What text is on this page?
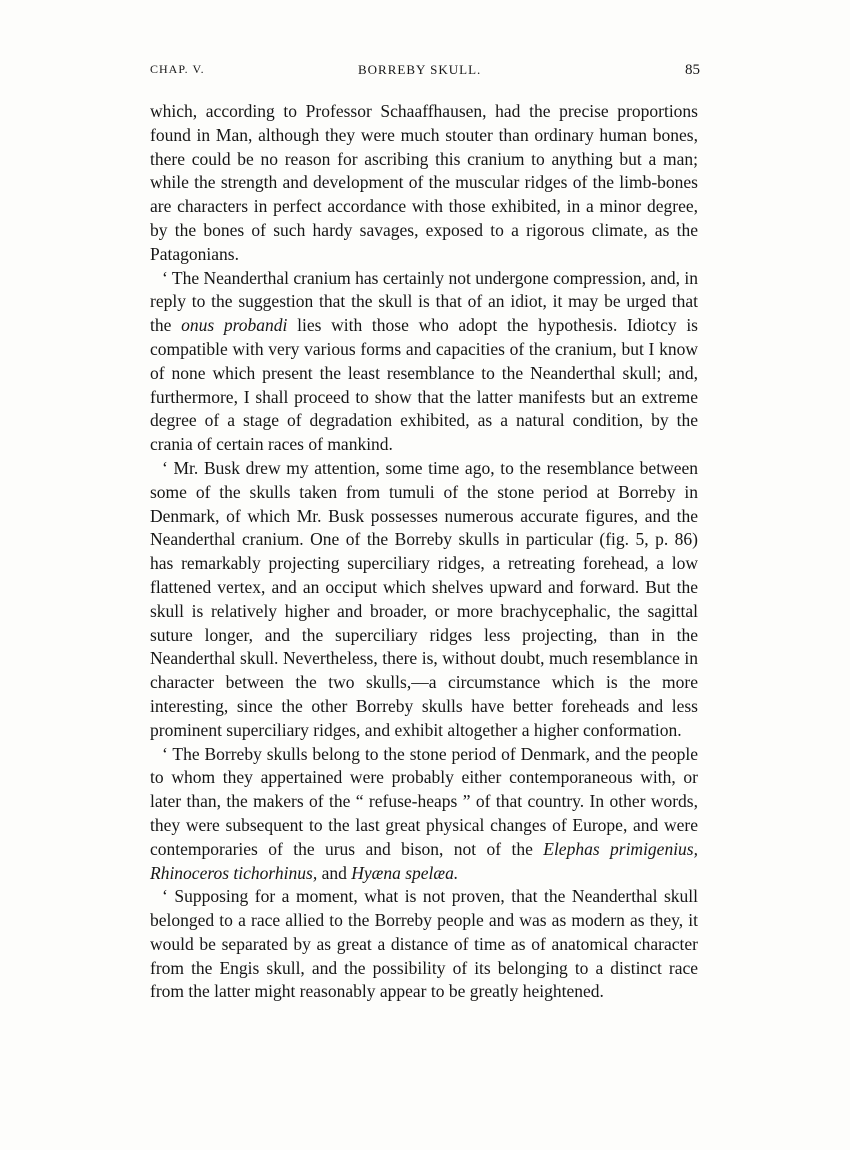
CHAP. V.	BORREBY SKULL.	85

which, according to Professor Schaaffhausen, had the precise proportions found in Man, although they were much stouter than ordinary human bones, there could be no reason for ascribing this cranium to anything but a man; while the strength and development of the muscular ridges of the limb-bones are characters in perfect accordance with those exhibited, in a minor degree, by the bones of such hardy savages, exposed to a rigorous climate, as the Patagonians.

‘ The Neanderthal cranium has certainly not undergone compression, and, in reply to the suggestion that the skull is that of an idiot, it may be urged that the onus probandi lies with those who adopt the hypothesis. Idiotcy is compatible with very various forms and capacities of the cranium, but I know of none which present the least resemblance to the Neanderthal skull; and, furthermore, I shall proceed to show that the latter manifests but an extreme degree of a stage of degradation exhibited, as a natural condition, by the crania of certain races of mankind.

‘ Mr. Busk drew my attention, some time ago, to the resemblance between some of the skulls taken from tumuli of the stone period at Borreby in Denmark, of which Mr. Busk possesses numerous accurate figures, and the Neanderthal cranium. One of the Borreby skulls in particular (fig. 5, p. 86) has remarkably projecting superciliary ridges, a retreating forehead, a low flattened vertex, and an occiput which shelves upward and forward. But the skull is relatively higher and broader, or more brachycephalic, the sagittal suture longer, and the superciliary ridges less projecting, than in the Neanderthal skull. Nevertheless, there is, without doubt, much resemblance in character between the two skulls,—a circumstance which is the more interesting, since the other Borreby skulls have better foreheads and less prominent superciliary ridges, and exhibit altogether a higher conformation.

‘ The Borreby skulls belong to the stone period of Denmark, and the people to whom they appertained were probably either contemporaneous with, or later than, the makers of the “ refuse-heaps ” of that country. In other words, they were subsequent to the last great physical changes of Europe, and were contemporaries of the urus and bison, not of the Elephas primigenius, Rhinoceros tichorhinus, and Hyæna spelæa.

‘ Supposing for a moment, what is not proven, that the Neanderthal skull belonged to a race allied to the Borreby people and was as modern as they, it would be separated by as great a distance of time as of anatomical character from the Engis skull, and the possibility of its belonging to a distinct race from the latter might reasonably appear to be greatly heightened.
